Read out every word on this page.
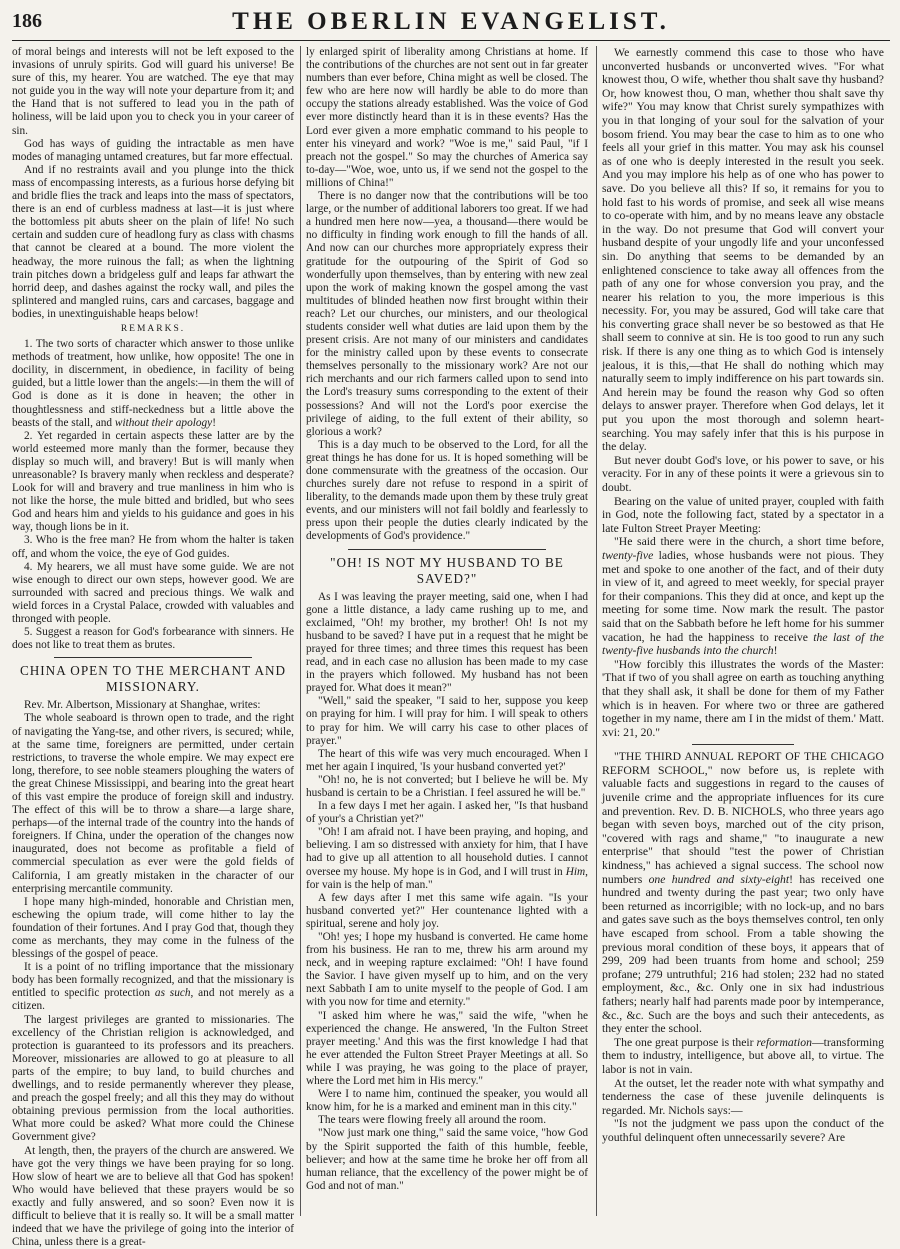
186	THE OBERLIN EVANGELIST.

of moral beings and interests will not be left exposed to the invasions of unruly spirits. God will guard his universe! Be sure of this, my hearer. You are watched. The eye that may not guide you in the way will note your departure from it; and the Hand that is not suffered to lead you in the path of holiness, will be laid upon you to check you in your career of sin.

God has ways of guiding the intractable as men have modes of managing untamed creatures, but far more effectual.

And if no restraints avail and you plunge into the thick mass of encompassing interests, as a furious horse defying bit and bridle flies the track and leaps into the mass of spectators, there is an end of curbless madness at last—it is just where the bottomless pit abuts sheer on the plain of life! No such certain and sudden cure of headlong fury as class with chasms that cannot be cleared at a bound. The more violent the headway, the more ruinous the fall; as when the lightning train pitches down a bridgeless gulf and leaps far athwart the horrid deep, and dashes against the rocky wall, and piles the splintered and mangled ruins, cars and carcases, baggage and bodies, in unextinguishable heaps below!

REMARKS.

1. The two sorts of character which answer to those unlike methods of treatment, how unlike, how opposite! The one in docility, in discernment, in obedience, in facility of being guided, but a little lower than the angels:—in them the will of God is done as it is done in heaven; the other in thoughtlessness and stiff-neckedness but a little above the beasts of the stall, and without their apology!

2. Yet regarded in certain aspects these latter are by the world esteemed more manly than the former, because they display so much will, and bravery! But is will manly when unreasonable? Is bravery manly when reckless and desperate? Look for will and bravery and true manliness in him who is not like the horse, the mule bitted and bridled, but who sees God and hears him and yields to his guidance and goes in his way, though lions be in it.

3. Who is the free man? He from whom the halter is taken off, and whom the voice, the eye of God guides.

4. My hearers, we all must have some guide. We are not wise enough to direct our own steps, however good. We are surrounded with sacred and precious things. We walk and wield forces in a Crystal Palace, crowded with valuables and thronged with people.

5. Suggest a reason for God's forbearance with sinners. He does not like to treat them as brutes.

CHINA OPEN TO THE MERCHANT AND MISSIONARY.

Rev. Mr. Albertson, Missionary at Shanghae, writes:

The whole seaboard is thrown open to trade, and the right of navigating the Yang-tse, and other rivers, is secured; while, at the same time, foreigners are permitted, under certain restrictions, to traverse the whole empire. We may expect ere long, therefore, to see noble steamers ploughing the waters of the great Chinese Mississippi, and bearing into the great heart of this vast empire the produce of foreign skill and industry. The effect of this will be to throw a share—a large share, perhaps—of the internal trade of the country into the hands of foreigners. If China, under the operation of the changes now inaugurated, does not become as profitable a field of commercial speculation as ever were the gold fields of California, I am greatly mistaken in the character of our enterprising mercantile community.

I hope many high-minded, honorable and Christian men, eschewing the opium trade, will come hither to lay the foundation of their fortunes. And I pray God that, though they come as merchants, they may come in the fulness of the blessings of the gospel of peace.

It is a point of no trifling importance that the missionary body has been formally recognized, and that the missionary is entitled to specific protection as such, and not merely as a citizen.

The largest privileges are granted to missionaries. The excellency of the Christian religion is acknowledged, and protection is guaranteed to its professors and its preachers. Moreover, missionaries are allowed to go at pleasure to all parts of the empire; to buy land, to build churches and dwellings, and to reside permanently wherever they please, and preach the gospel freely; and all this they may do without obtaining previous permission from the local authorities. What more could be asked? What more could the Chinese Government give?

At length, then, the prayers of the church are answered. We have got the very things we have been praying for so long. How slow of heart we are to believe all that God has spoken! Who would have believed that these prayers would be so exactly and fully answered, and so soon? Even now it is difficult to believe that it is really so. It will be a small matter indeed that we have the privilege of going into the interior of China, unless there is a great-

ly enlarged spirit of liberality among Christians at home. If the contributions of the churches are not sent out in far greater numbers than ever before, China might as well be closed. The few who are here now will hardly be able to do more than occupy the stations already established. Was the voice of God ever more distinctly heard than it is in these events? Has the Lord ever given a more emphatic command to his people to enter his vineyard and work? "Woe is me," said Paul, "if I preach not the gospel." So may the churches of America say to-day—"Woe, woe, unto us, if we send not the gospel to the millions of China!"

There is no danger now that the contributions will be too large, or the number of additional laborers too great. If we had a hundred men here now—yea, a thousand—there would be no difficulty in finding work enough to fill the hands of all. And now can our churches more appropriately express their gratitude for the outpouring of the Spirit of God so wonderfully upon themselves, than by entering with new zeal upon the work of making known the gospel among the vast multitudes of blinded heathen now first brought within their reach? Let our churches, our ministers, and our theological students consider well what duties are laid upon them by the present crisis. Are not many of our ministers and candidates for the ministry called upon by these events to consecrate themselves personally to the missionary work? Are not our rich merchants and our rich farmers called upon to send into the Lord's treasury sums corresponding to the extent of their possessions? And will not the Lord's poor exercise the privilege of aiding, to the full extent of their ability, so glorious a work?

This is a day much to be observed to the Lord, for all the great things he has done for us. It is hoped something will be done commensurate with the greatness of the occasion. Our churches surely dare not refuse to respond in a spirit of liberality, to the demands made upon them by these truly great events, and our ministers will not fail boldly and fearlessly to press upon their people the duties clearly indicated by the developments of God's providence."

"OH! IS NOT MY HUSBAND TO BE SAVED?"

As I was leaving the prayer meeting, said one, when I had gone a little distance, a lady came rushing up to me, and exclaimed, "Oh! my brother, my brother! Oh! Is not my husband to be saved? I have put in a request that he might be prayed for three times; and three times this request has been read, and in each case no allusion has been made to my case in the prayers which followed. My husband has not been prayed for. What does it mean?"

"Well," said the speaker, "I said to her, suppose you keep on praying for him. I will pray for him. I will speak to others to pray for him. We will carry his case to other places of prayer."

The heart of this wife was very much encouraged. When I met her again I inquired, 'Is your husband converted yet?'

"Oh! no, he is not converted; but I believe he will be. My husband is certain to be a Christian. I feel assured he will be."

In a few days I met her again. I asked her, "Is that husband of your's a Christian yet?"

"Oh! I am afraid not. I have been praying, and hoping, and believing. I am so distressed with anxiety for him, that I have had to give up all attention to all household duties. I cannot oversee my house. My hope is in God, and I will trust in Him, for vain is the help of man."

A few days after I met this same wife again. "Is your husband converted yet?" Her countenance lighted with a spiritual, serene and holy joy.

"Oh! yes; I hope my husband is converted. He came home from his business. He ran to me, threw his arm around my neck, and in weeping rapture exclaimed: "Oh! I have found the Savior. I have given myself up to him, and on the very next Sabbath I am to unite myself to the people of God. I am with you now for time and eternity."

"I asked him where he was," said the wife, "when he experienced the change. He answered, 'In the Fulton Street prayer meeting.' And this was the first knowledge I had that he ever attended the Fulton Street Prayer Meetings at all. So while I was praying, he was going to the place of prayer, where the Lord met him in His mercy."

Were I to name him, continued the speaker, you would all know him, for he is a marked and eminent man in this city."

The tears were flowing freely all around the room.

"Now just mark one thing," said the same voice, "how God by the Spirit supported the faith of this humble, feeble, believer; and how at the same time he broke her off from all human reliance, that the excellency of the power might be of God and not of man."

We earnestly commend this case to those who have unconverted husbands or unconverted wives. "For what knowest thou, O wife, whether thou shalt save thy husband? Or, how knowest thou, O man, whether thou shalt save thy wife?" You may know that Christ surely sympathizes with you in that longing of your soul for the salvation of your bosom friend. You may bear the case to him as to one who feels all your grief in this matter. You may ask his counsel as of one who is deeply interested in the result you seek. And you may implore his help as of one who has power to save. Do you believe all this? If so, it remains for you to hold fast to his words of promise, and seek all wise means to co-operate with him, and by no means leave any obstacle in the way. Do not presume that God will convert your husband despite of your ungodly life and your unconfessed sin. Do anything that seems to be demanded by an enlightened conscience to take away all offences from the path of any one for whose conversion you pray, and the nearer his relation to you, the more imperious is this necessity. For, you may be assured, God will take care that his converting grace shall never be so bestowed as that He shall seem to connive at sin. He is too good to run any such risk. If there is any one thing as to which God is intensely jealous, it is this,—that He shall do nothing which may naturally seem to imply indifference on his part towards sin. And herein may be found the reason why God so often delays to answer prayer. Therefore when God delays, let it put you upon the most thorough and solemn heart-searching. You may safely infer that this is his purpose in the delay.

But never doubt God's love, or his power to save, or his veracity. For in any of these points it were a grievous sin to doubt.

Bearing on the value of united prayer, coupled with faith in God, note the following fact, stated by a spectator in a late Fulton Street Prayer Meeting:

"He said there were in the church, a short time before, twenty-five ladies, whose husbands were not pious. They met and spoke to one another of the fact, and of their duty in view of it, and agreed to meet weekly, for special prayer for their companions. This they did at once, and kept up the meeting for some time. Now mark the result. The pastor said that on the Sabbath before he left home for his summer vacation, he had the happiness to receive the last of the twenty-five husbands into the church!

"How forcibly this illustrates the words of the Master: 'That if two of you shall agree on earth as touching anything that they shall ask, it shall be done for them of my Father which is in heaven. For where two or three are gathered together in my name, there am I in the midst of them.' Matt. xvi: 21, 20."

"THE THIRD ANNUAL REPORT OF THE CHICAGO REFORM SCHOOL," now before us, is replete with valuable facts and suggestions in regard to the causes of juvenile crime and the appropriate influences for its cure and prevention. Rev. D. B. NICHOLS, who three years ago began with seven boys, marched out of the city prison, "covered with rags and shame," "to inaugurate a new enterprise" that should "test the power of Christian kindness," has achieved a signal success. The school now numbers one hundred and sixty-eight! has received one hundred and twenty during the past year; two only have been returned as incorrigible; with no lock-up, and no bars and gates save such as the boys themselves control, ten only have escaped from school. From a table showing the previous moral condition of these boys, it appears that of 299, 209 had been truants from home and school; 259 profane; 279 untruthful; 216 had stolen; 232 had no stated employment, &c., &c. Only one in six had industrious fathers; nearly half had parents made poor by intemperance, &c., &c. Such are the boys and such their antecedents, as they enter the school.

The one great purpose is their reformation—transforming them to industry, intelligence, but above all, to virtue. The labor is not in vain.

At the outset, let the reader note with what sympathy and tenderness the case of these juvenile delinquents is regarded. Mr. Nichols says:—

"Is not the judgment we pass upon the conduct of the youthful delinquent often unnecessarily severe? Are
